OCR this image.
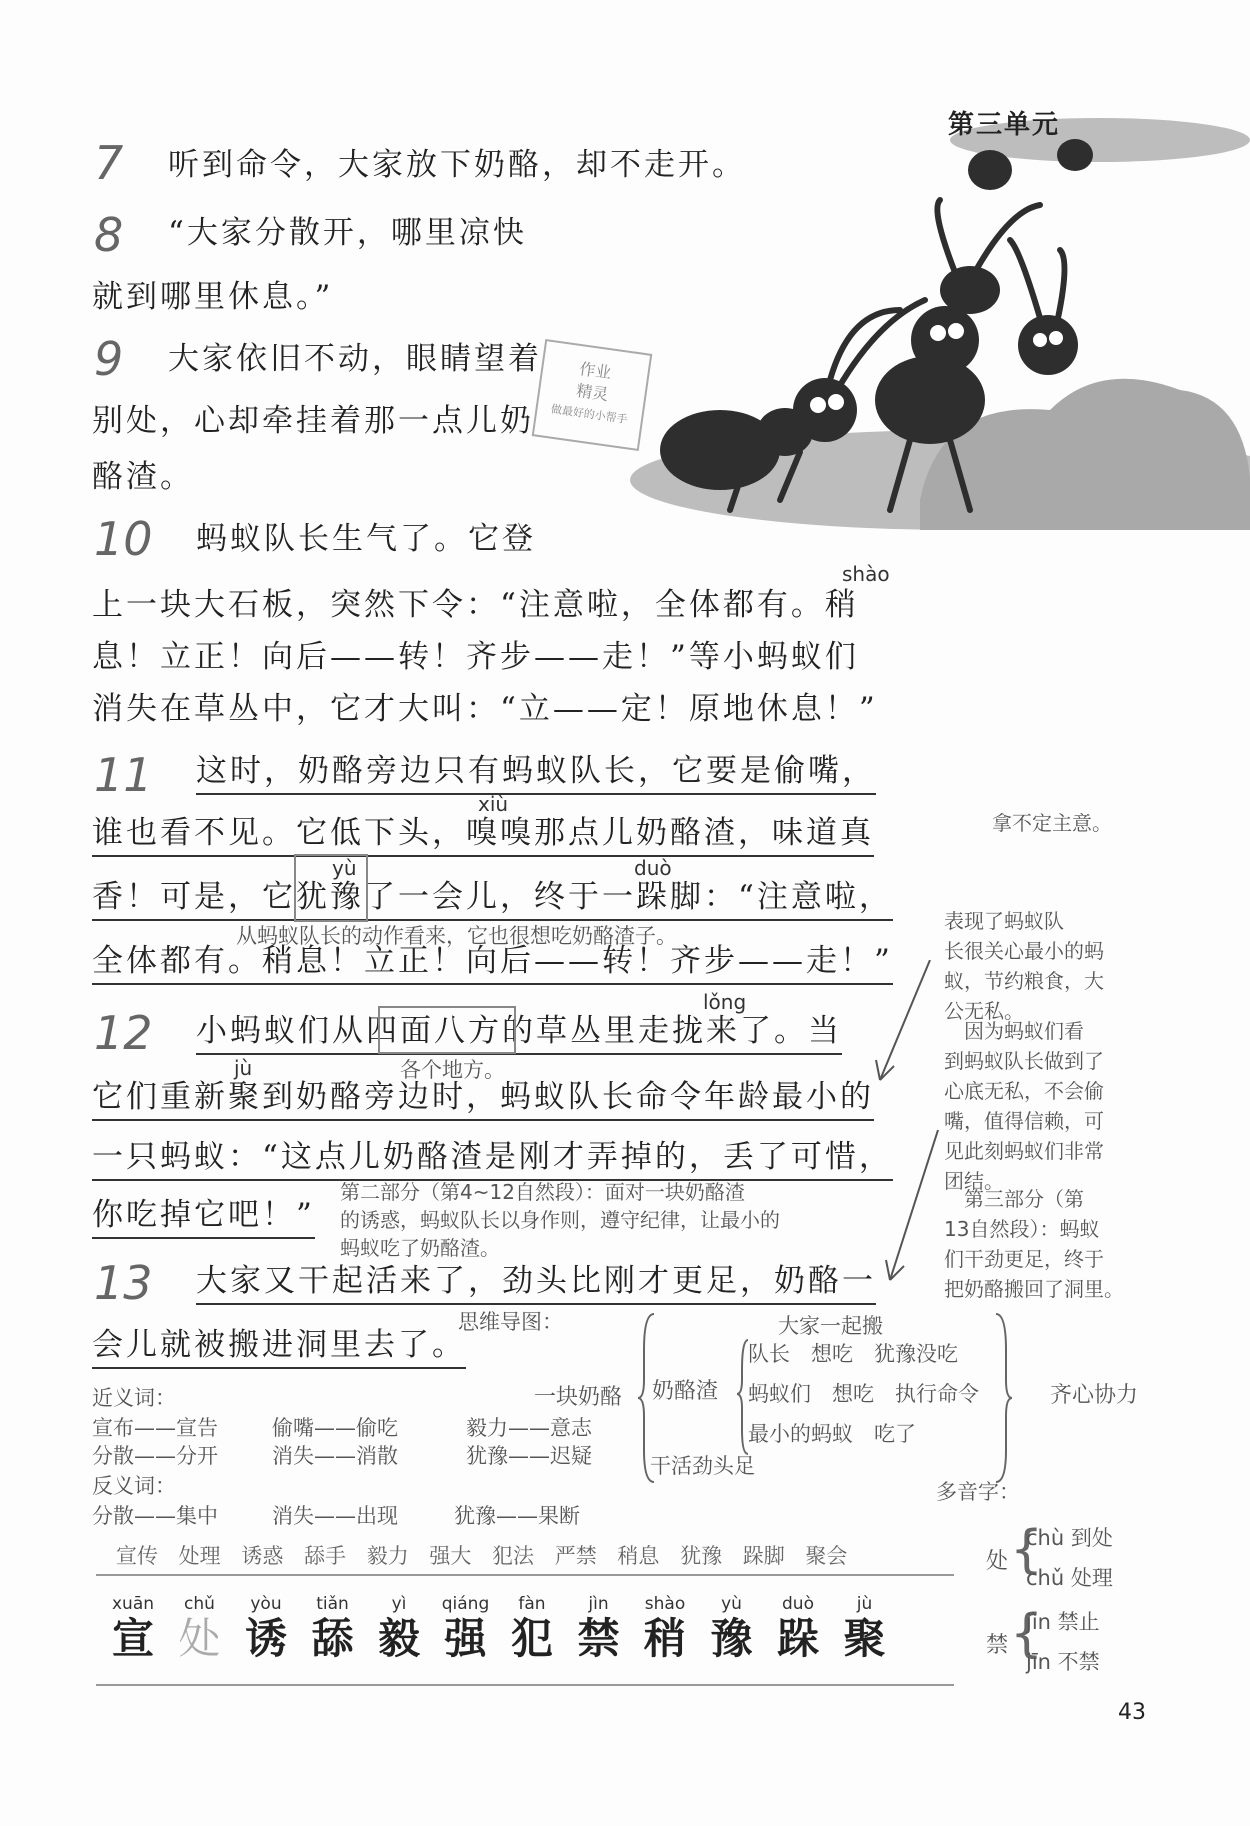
第三单元
作业
精灵
做最好的小帮手
7 听到命令，大家放下奶酪，却不走开。
8 “大家分散开，哪里凉快
就到哪里休息。”
9 大家依旧不动，眼睛望着
别处，心却牵挂着那一点儿奶
酪渣。
10 蚂蚁队长生气了。它登
shào
上一块大石板，突然下令：“注意啦，全体都有。稍
息！立正！向后——转！齐步——走！”等小蚂蚁们
消失在草丛中，它才大叫：“立——定！原地休息！”
11 这时，奶酪旁边只有蚂蚁队长，它要是偷嘴，
xiù
谁也看不见。它低下头，嗅嗅那点儿奶酪渣，味道真
yù	duò
香！可是，它犹豫了一会儿，终于一跺脚：“注意啦，
从蚂蚁队长的动作看来，它也很想吃奶酪渣子。
全体都有。稍息！立正！向后——转！齐步——走！”
12
lǒng
小蚂蚁们从四面八方的草丛里走拢来了。当
各个地方。
jù
它们重新聚到奶酪旁边时，蚂蚁队长命令年龄最小的
一只蚂蚁：“这点儿奶酪渣是刚才弄掉的，丢了可惜，
你吃掉它吧！”
第二部分（第4~12自然段）：面对一块奶酪渣
的诱惑，蚂蚁队长以身作则，遵守纪律，让最小的
蚂蚁吃了奶酪渣。
13 大家又干起活来了，劲头比刚才更足，奶酪一
会儿就被搬进洞里去了。
拿不定主意。
表现了蚂蚁队
长很关心最小的蚂
蚁，节约粮食，大
公无私。
　因为蚂蚁们看
到蚂蚁队长做到了
心底无私，不会偷
嘴，值得信赖，可
见此刻蚂蚁们非常
团结。
　第三部分（第
13自然段）：蚂蚁
们干劲更足，终于
把奶酪搬回了洞里。
思维导图：
一块奶酪 奶酪渣
大家一起搬
队长　想吃　犹豫没吃
蚂蚁们　想吃　执行命令
最小的蚂蚁　吃了
干活劲头足
齐心协力
近义词：
宣布——宣告	偷嘴——偷吃	毅力——意志
分散——分开	消失——消散	犹豫——迟疑
反义词：
分散——集中	消失——出现	犹豫——果断
多音字：
处 {
chù 到处
chǔ 处理
禁 {
jìn 禁止
jīn 不禁
宣传 处理 诱惑 舔手 毅力 强大 犯法 严禁 稍息 犹豫 跺脚 聚会
xuān
宣
chǔ
处
yòu
诱
tiǎn
舔
yì
毅
qiáng
强
fàn
犯
jìn
禁
shào
稍
yù
豫
duò
跺
jù
聚
43
